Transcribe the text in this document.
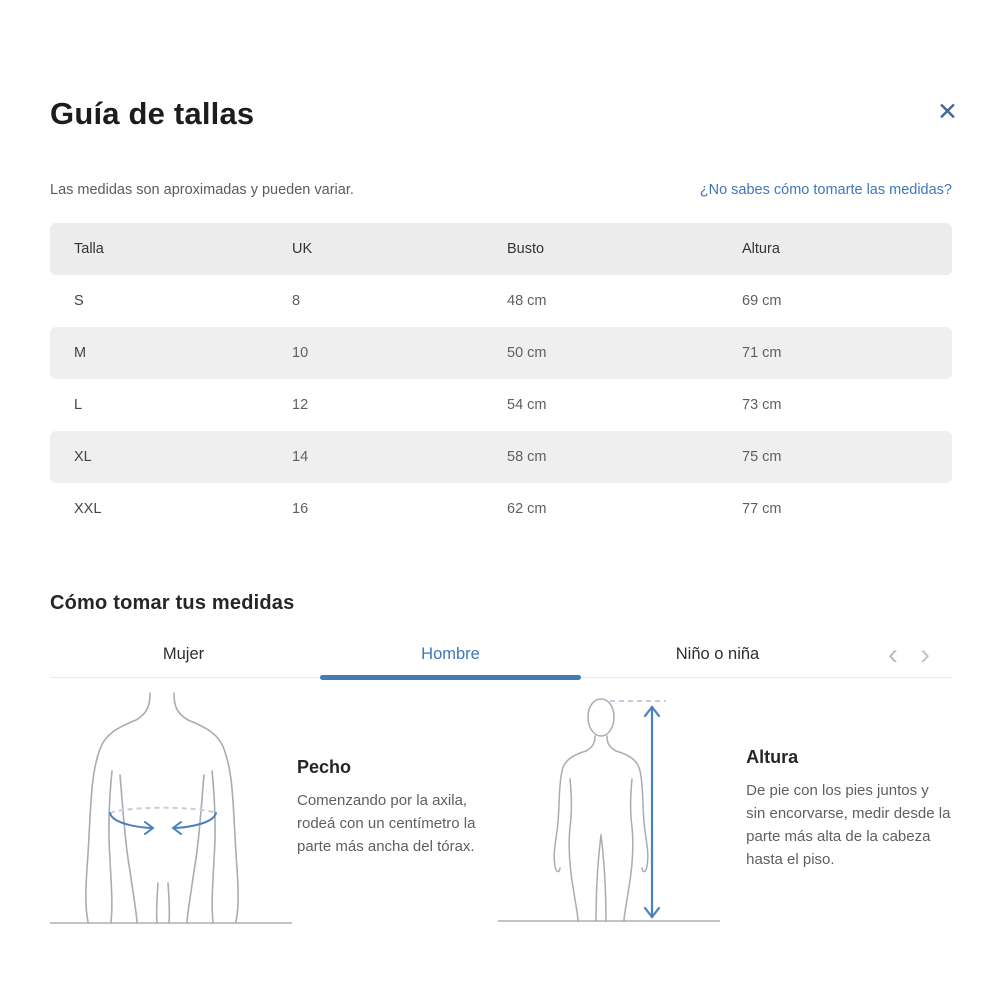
Guía de tallas	✕

Las medidas son aproximadas y pueden variar.	¿No sabes cómo tomarte las medidas?
Talla	UK	Busto	Altura
S	8	48 cm	69 cm
M	10	50 cm	71 cm
L	12	54 cm	73 cm
XL	14	58 cm	75 cm
XXL	16	62 cm	77 cm
Cómo tomar tus medidas
Mujer	Hombre	Niño o niña	‹ ›
Pecho

Comenzando por la axila, rodeá con un centímetro la parte más ancha del tórax.

Altura

De pie con los pies juntos y sin encorvarse, medir desde la parte más alta de la cabeza hasta el piso.
